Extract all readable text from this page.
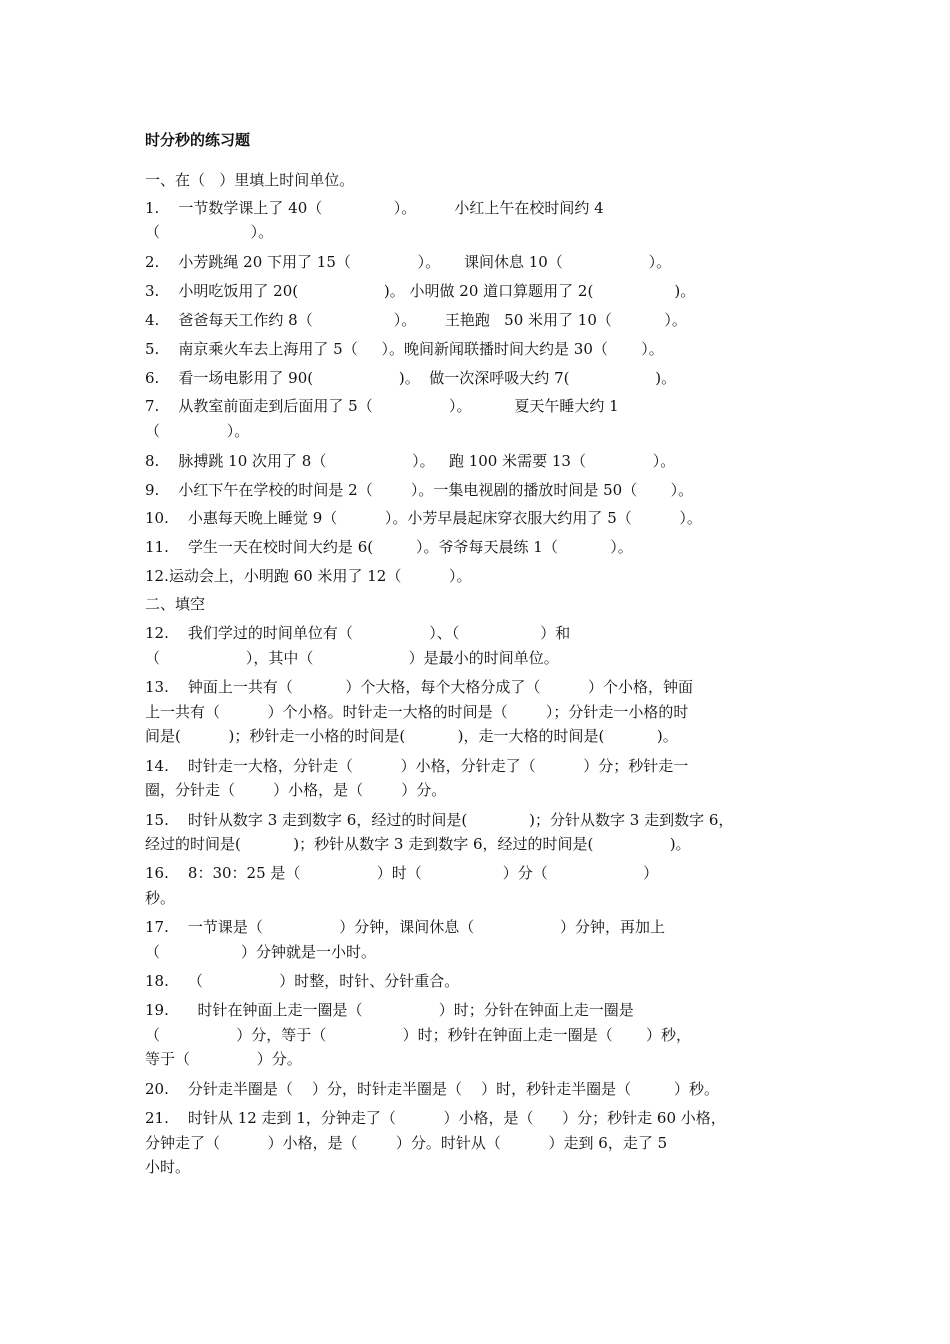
时分秒的练习题
一、在（   ）里填上时间单位。
1.    一节数学课上了 40（               ）。        小红上午在校时间约 4
（                   ）。
2.    小芳跳绳 20 下用了 15（              ）。     课间休息 10（                  ）。
3.    小明吃饭用了 20(                  )。 小明做 20 道口算题用了 2(                 )。
4.    爸爸每天工作约 8（                 ）。      王艳跑   50 米用了 10（           ）。
5.    南京乘火车去上海用了 5（     ）。晚间新闻联播时间大约是 30（       ）。
6.    看一场电影用了 90(                  )。  做一次深呼吸大约 7(                  )。
7.    从教室前面走到后面用了 5（                ）。         夏天午睡大约 1
（              ）。
8.    脉搏跳 10 次用了 8（                  ）。   跑 100 米需要 13（              ）。
9.    小红下午在学校的时间是 2（        ）。一集电视剧的播放时间是 50（       ）。
10.    小惠每天晚上睡觉 9（          ）。小芳早晨起床穿衣服大约用了 5（          ）。
11.    学生一天在校时间大约是 6(         ）。爷爷每天晨练 1（           ）。
12.运动会上，小明跑 60 米用了 12（          ）。
二、填空
12.    我们学过的时间单位有（                ）、（                 ）和
（                  ），其中（                    ）是最小的时间单位。
13.    钟面上一共有（           ）个大格，每个大格分成了（          ）个小格，钟面
上一共有（          ）个小格。时针走一大格的时间是（        ）；分针走一小格的时
间是(          )；秒针走一小格的时间是(           )，走一大格的时间是(           )。
14.    时针走一大格，分针走（          ）小格，分针走了（          ）分；秒针走一
圈，分针走（        ）小格，是（        ）分。
15.    时针从数字 3 走到数字 6，经过的时间是(             )；分针从数字 3 走到数字 6，
经过的时间是(           )；秒针从数字 3 走到数字 6，经过的时间是(                )。
16.    8：30：25 是（                ）时（                 ）分（                    ）
秒。
17.    一节课是（                ）分钟，课间休息（                  ）分钟，再加上
（                 ）分钟就是一小时。
18.    （                ）时整，时针、分针重合。
19.      时针在钟面上走一圈是（                ）时；分针在钟面上走一圈是
（                ）分，等于（                ）时；秒针在钟面上走一圈是（       ）秒，
等于（              ）分。
20.    分针走半圈是（    ）分，时针走半圈是（    ）时，秒针走半圈是（         ）秒。
21.    时针从 12 走到 1，分钟走了（          ）小格，是（      ）分；秒针走 60 小格，
分钟走了（          ）小格，是（        ）分。时针从（          ）走到 6，走了 5
小时。
